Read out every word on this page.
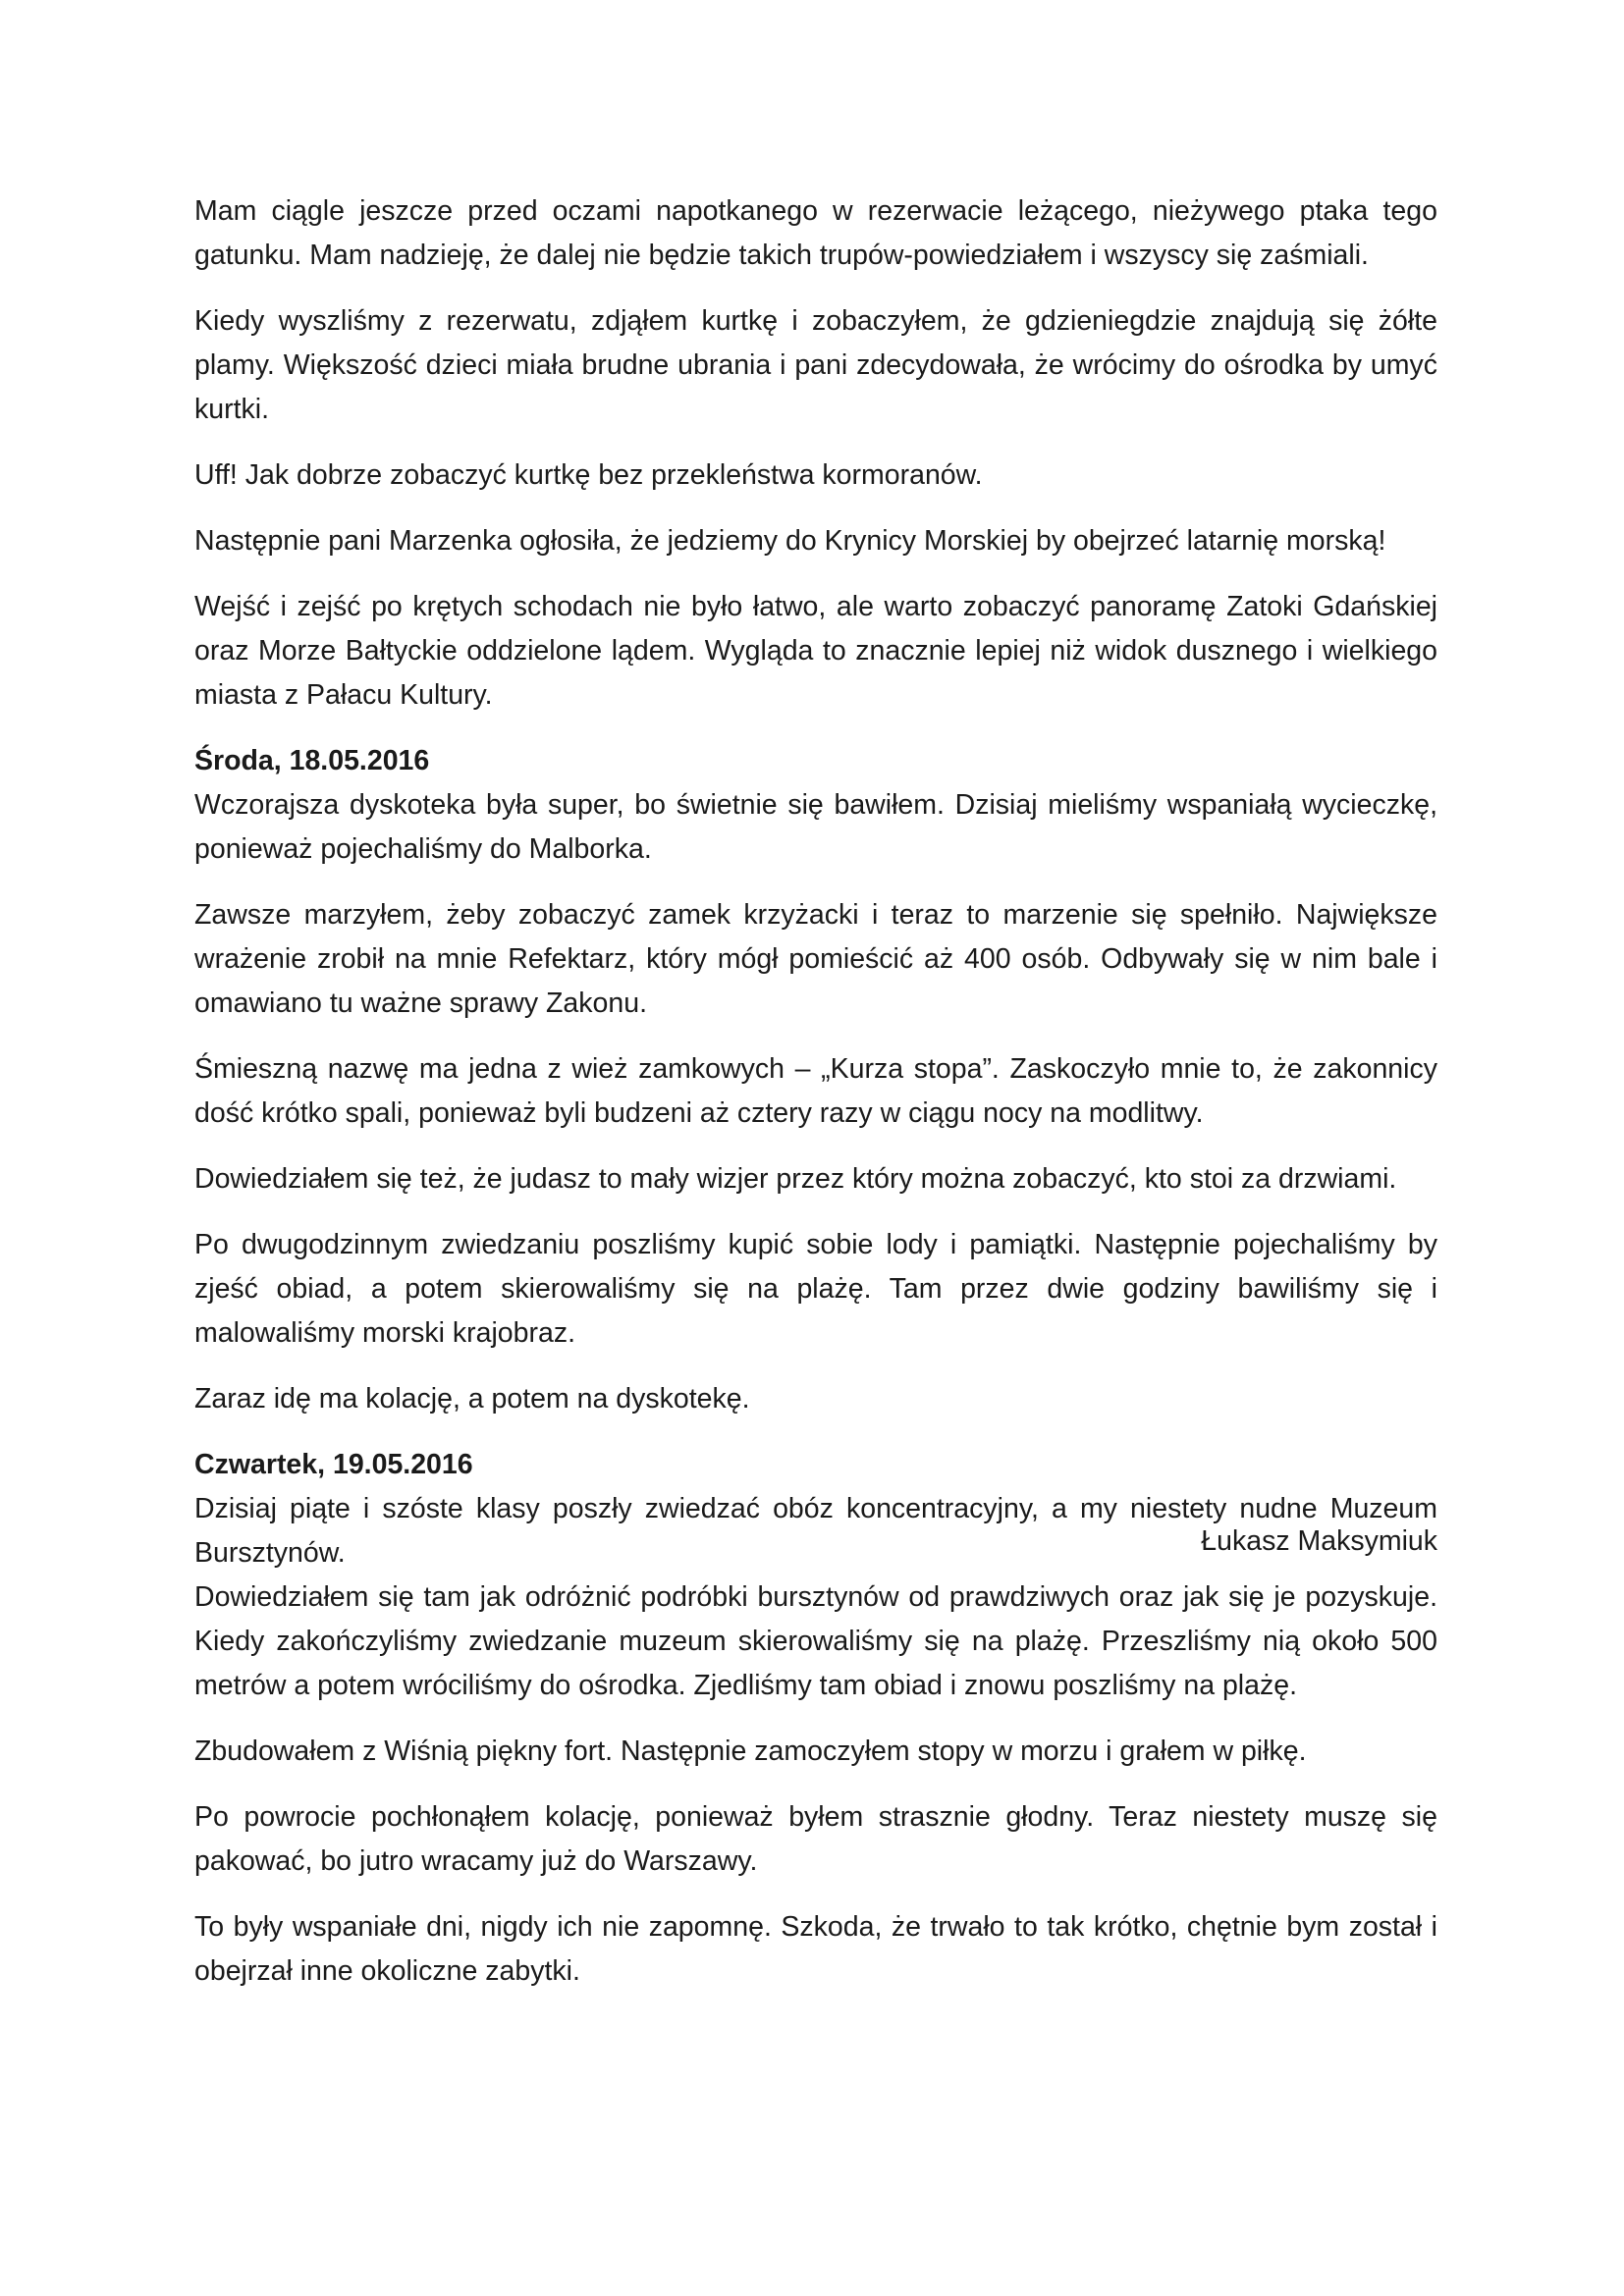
Mam ciągle jeszcze przed oczami napotkanego w rezerwacie leżącego, nieżywego ptaka tego gatunku. Mam nadzieję, że dalej nie będzie takich trupów-powiedziałem i wszyscy się zaśmiali.

Kiedy wyszliśmy z rezerwatu, zdjąłem kurtkę i zobaczyłem, że gdzieniegdzie znajdują się żółte plamy. Większość dzieci miała brudne ubrania i pani zdecydowała, że wrócimy do ośrodka by umyć kurtki.

Uff! Jak dobrze zobaczyć kurtkę bez przekleństwa kormoranów.

Następnie pani Marzenka ogłosiła, że jedziemy do Krynicy Morskiej by obejrzeć latarnię morską!

Wejść i zejść po krętych schodach nie było łatwo, ale warto zobaczyć panoramę Zatoki Gdańskiej oraz Morze Bałtyckie oddzielone lądem. Wygląda to znacznie lepiej niż widok dusznego i wielkiego miasta z Pałacu Kultury.

Środa, 18.05.2016

Wczorajsza dyskoteka była super, bo świetnie się bawiłem. Dzisiaj mieliśmy wspaniałą wycieczkę, ponieważ pojechaliśmy do Malborka.

Zawsze marzyłem, żeby zobaczyć zamek krzyżacki i teraz to marzenie się spełniło. Największe wrażenie zrobił na mnie Refektarz, który mógł pomieścić aż 400 osób. Odbywały się w nim bale i omawiano tu ważne sprawy Zakonu.

Śmieszną nazwę ma jedna z wież zamkowych – „Kurza stopa”. Zaskoczyło mnie to, że zakonnicy dość krótko spali, ponieważ byli budzeni aż cztery razy w ciągu nocy na modlitwy.

Dowiedziałem się też, że judasz to mały wizjer przez który można zobaczyć, kto stoi za drzwiami.

Po dwugodzinnym zwiedzaniu poszliśmy kupić sobie lody i pamiątki. Następnie pojechaliśmy by zjeść obiad, a potem skierowaliśmy się na plażę. Tam przez dwie godziny bawiliśmy się i malowaliśmy morski krajobraz.

Zaraz idę ma kolację, a potem na dyskotekę.

Czwartek, 19.05.2016

Dzisiaj piąte i szóste klasy poszły zwiedzać obóz koncentracyjny, a my niestety nudne Muzeum Bursztynów.

Dowiedziałem się tam jak odróżnić podróbki bursztynów od prawdziwych oraz jak się je pozyskuje. Kiedy zakończyliśmy zwiedzanie muzeum skierowaliśmy się na plażę. Przeszliśmy nią około 500 metrów a potem wróciliśmy do ośrodka. Zjedliśmy tam obiad i znowu poszliśmy na plażę.

Zbudowałem z Wiśnią piękny fort. Następnie zamoczyłem stopy w morzu i grałem w piłkę.

Po powrocie pochłonąłem kolację, ponieważ byłem strasznie głodny. Teraz niestety muszę się pakować, bo jutro wracamy już do Warszawy.

To były wspaniałe dni, nigdy ich nie zapomnę. Szkoda, że trwało to tak krótko, chętnie bym został i obejrzał inne okoliczne zabytki.

Łukasz Maksymiuk
